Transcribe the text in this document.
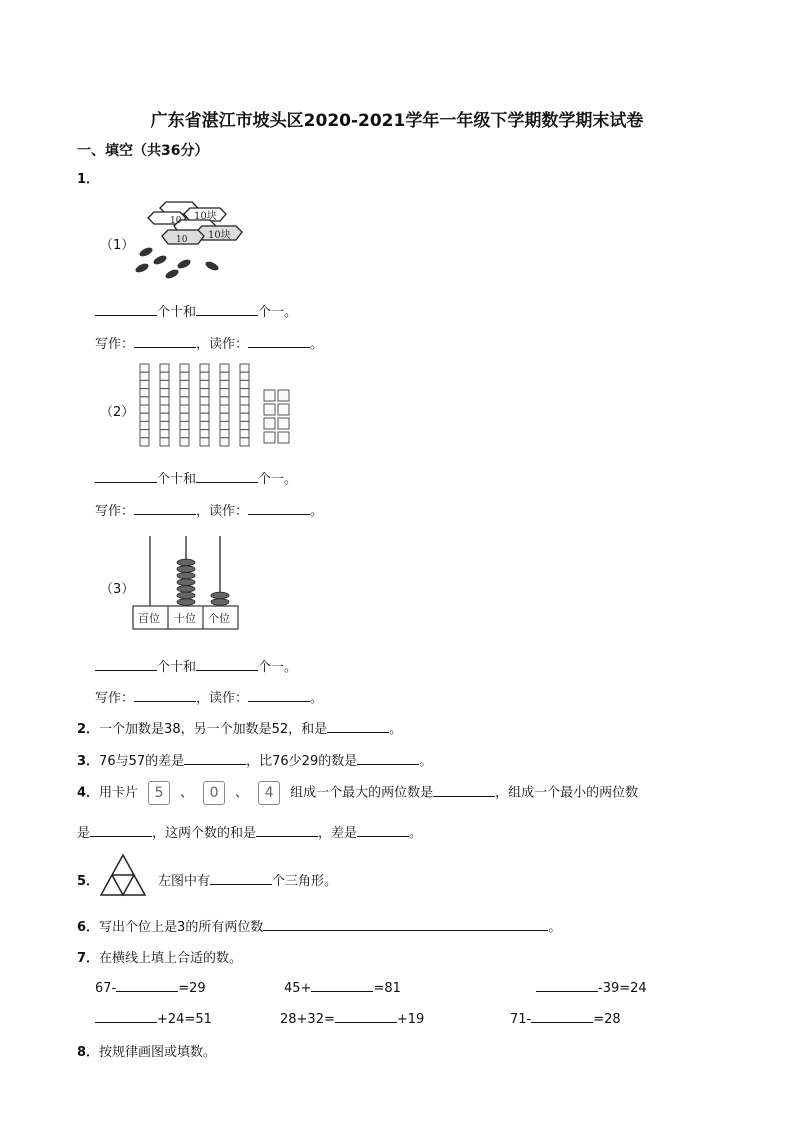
广东省湛江市坡头区2020-2021学年一年级下学期数学期末试卷
一、填空（共36分）
1．
（1）
10 10块
10 10块
个十和	个一。
写作：	，读作：	。
（2）
个十和	个一。
写作：	，读作：	。
（3）
百位 十位 个位
个十和	个一。
写作：	，读作：	。
2．一个加数是38，另一个加数是52，和是	。
3．76与57的差是	，比76少29的数是	。
4．用卡片 5 、 0 、 4 组成一个最大的两位数是	，组成一个最小的两位数
是	，这两个数的和是	，差是	。
5．	左图中有	个三角形。
6．写出个位上是3的所有两位数	。
7．在横线上填上合适的数。
67-	=29	45+	=81	-39=24
+24=51	28+32=	+19	71-	=28
8．按规律画图或填数。
